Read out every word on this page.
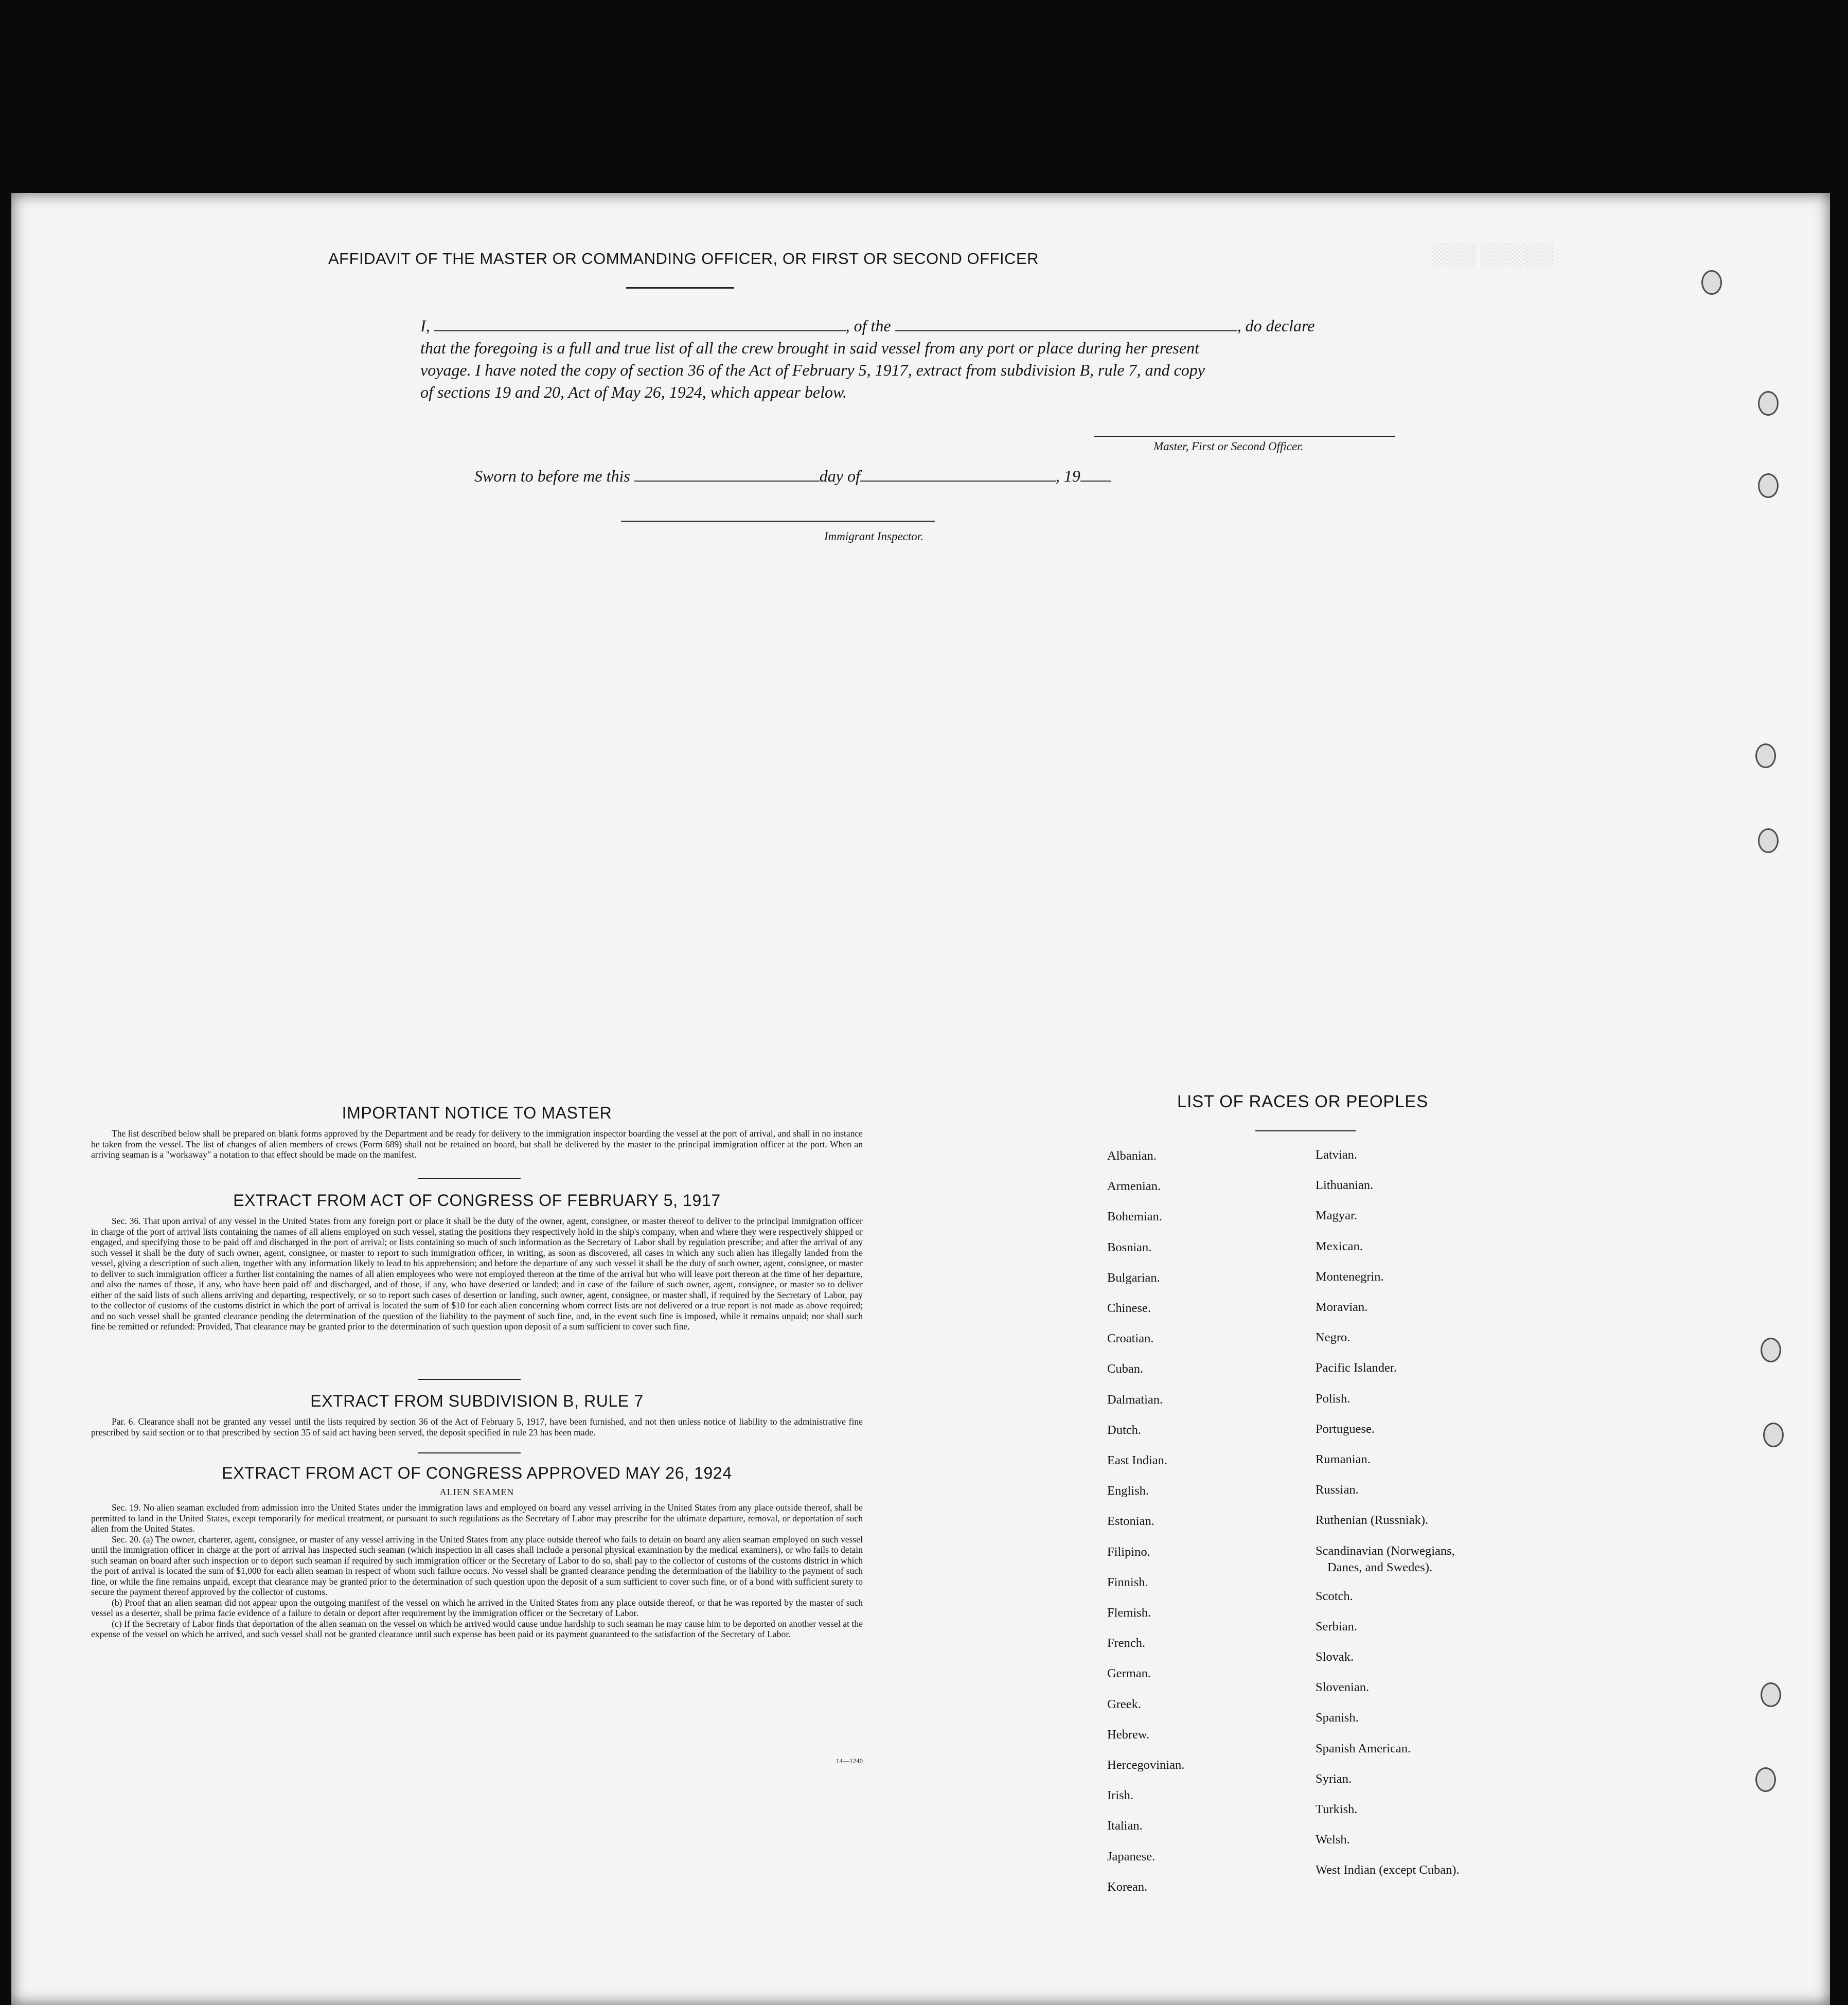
░░░ ░░░░░
AFFIDAVIT OF THE MASTER OR COMMANDING OFFICER, OR FIRST OR SECOND OFFICER
I,	, of the	, do declare
that the foregoing is a full and true list of all the crew brought in said vessel from any port or place during her present
voyage. I have noted the copy of section 36 of the Act of February 5, 1917, extract from subdivision B, rule 7, and copy
of sections 19 and 20, Act of May 26, 1924, which appear below.
Master, First or Second Officer.
Sworn to before me this	day of	, 19
Immigrant Inspector.
IMPORTANT NOTICE TO MASTER

The list described below shall be prepared on blank forms approved by the Department and be ready for delivery to the immigration inspector boarding the vessel at the port of arrival, and shall in no instance be taken from the vessel. The list of changes of alien members of crews (Form 689) shall not be retained on board, but shall be delivered by the master to the principal immigration officer at the port. When an arriving seaman is a "workaway" a notation to that effect should be made on the manifest.

EXTRACT FROM ACT OF CONGRESS OF FEBRUARY 5, 1917

Sec. 36. That upon arrival of any vessel in the United States from any foreign port or place it shall be the duty of the owner, agent, consignee, or master thereof to deliver to the principal immigration officer in charge of the port of arrival lists containing the names of all aliens employed on such vessel, stating the positions they respectively hold in the ship's company, when and where they were respectively shipped or engaged, and specifying those to be paid off and discharged in the port of arrival; or lists containing so much of such information as the Secretary of Labor shall by regulation prescribe; and after the arrival of any such vessel it shall be the duty of such owner, agent, consignee, or master to report to such immigration officer, in writing, as soon as discovered, all cases in which any such alien has illegally landed from the vessel, giving a description of such alien, together with any information likely to lead to his apprehension; and before the departure of any such vessel it shall be the duty of such owner, agent, consignee, or master to deliver to such immigration officer a further list containing the names of all alien employees who were not employed thereon at the time of the arrival but who will leave port thereon at the time of her departure, and also the names of those, if any, who have been paid off and discharged, and of those, if any, who have deserted or landed; and in case of the failure of such owner, agent, consignee, or master so to deliver either of the said lists of such aliens arriving and departing, respectively, or so to report such cases of desertion or landing, such owner, agent, consignee, or master shall, if required by the Secretary of Labor, pay to the collector of customs of the customs district in which the port of arrival is located the sum of $10 for each alien concerning whom correct lists are not delivered or a true report is not made as above required; and no such vessel shall be granted clearance pending the determination of the question of the liability to the payment of such fine, and, in the event such fine is imposed, while it remains unpaid; nor shall such fine be remitted or refunded: Provided, That clearance may be granted prior to the determination of such question upon deposit of a sum sufficient to cover such fine.

EXTRACT FROM SUBDIVISION B, RULE 7

Par. 6. Clearance shall not be granted any vessel until the lists required by section 36 of the Act of February 5, 1917, have been furnished, and not then unless notice of liability to the administrative fine prescribed by said section or to that prescribed by section 35 of said act having been served, the deposit specified in rule 23 has been made.

EXTRACT FROM ACT OF CONGRESS APPROVED MAY 26, 1924
ALIEN SEAMEN

Sec. 19. No alien seaman excluded from admission into the United States under the immigration laws and employed on board any vessel arriving in the United States from any place outside thereof, shall be permitted to land in the United States, except temporarily for medical treatment, or pursuant to such regulations as the Secretary of Labor may prescribe for the ultimate departure, removal, or deportation of such alien from the United States.

Sec. 20. (a) The owner, charterer, agent, consignee, or master of any vessel arriving in the United States from any place outside thereof who fails to detain on board any alien seaman employed on such vessel until the immigration officer in charge at the port of arrival has inspected such seaman (which inspection in all cases shall include a personal physical examination by the medical examiners), or who fails to detain such seaman on board after such inspection or to deport such seaman if required by such immigration officer or the Secretary of Labor to do so, shall pay to the collector of customs of the customs district in which the port of arrival is located the sum of $1,000 for each alien seaman in respect of whom such failure occurs. No vessel shall be granted clearance pending the determination of the liability to the payment of such fine, or while the fine remains unpaid, except that clearance may be granted prior to the determination of such question upon the deposit of a sum sufficient to cover such fine, or of a bond with sufficient surety to secure the payment thereof approved by the collector of customs.

(b) Proof that an alien seaman did not appear upon the outgoing manifest of the vessel on which he arrived in the United States from any place outside thereof, or that he was reported by the master of such vessel as a deserter, shall be prima facie evidence of a failure to detain or deport after requirement by the immigration officer or the Secretary of Labor.

(c) If the Secretary of Labor finds that deportation of the alien seaman on the vessel on which he arrived would cause undue hardship to such seaman he may cause him to be deported on another vessel at the expense of the vessel on which he arrived, and such vessel shall not be granted clearance until such expense has been paid or its payment guaranteed to the satisfaction of the Secretary of Labor.

14—1240
LIST OF RACES OR PEOPLES
Albanian.
Armenian.
Bohemian.
Bosnian.
Bulgarian.
Chinese.
Croatian.
Cuban.
Dalmatian.
Dutch.
East Indian.
English.
Estonian.
Filipino.
Finnish.
Flemish.
French.
German.
Greek.
Hebrew.
Hercegovinian.
Irish.
Italian.
Japanese.
Korean.
Latvian.
Lithuanian.
Magyar.
Mexican.
Montenegrin.
Moravian.
Negro.
Pacific Islander.
Polish.
Portuguese.
Rumanian.
Russian.
Ruthenian (Russniak).
Scandinavian (Norwegians,
Danes, and Swedes).
Scotch.
Serbian.
Slovak.
Slovenian.
Spanish.
Spanish American.
Syrian.
Turkish.
Welsh.
West Indian (except Cuban).
